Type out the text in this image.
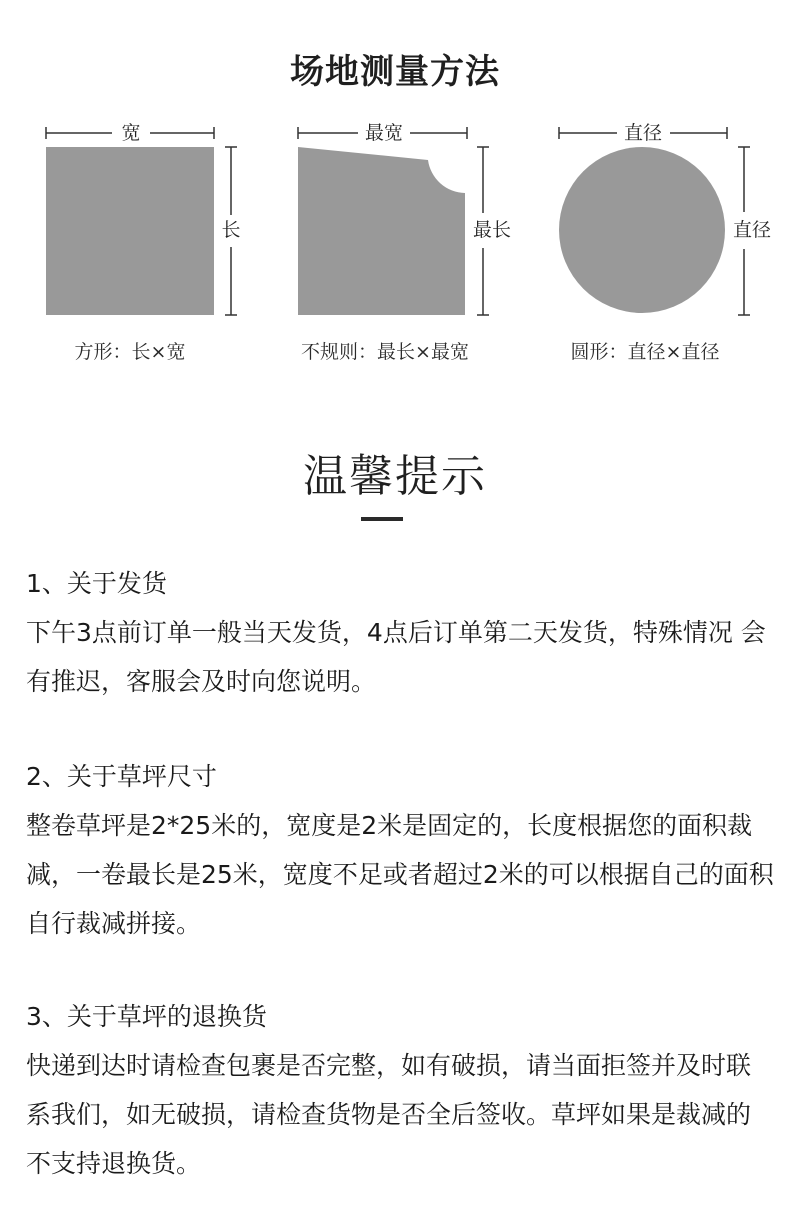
场地测量方法
宽
长
最宽
最长
直径
直径
方形：长×宽	不规则：最长×最宽	圆形：直径×直径
温馨提示
1、关于发货
下午3点前订单一般当天发货，4点后订单第二天发货，特殊情况 会有推迟，客服会及时向您说明。
2、关于草坪尺寸
整卷草坪是2*25米的，宽度是2米是固定的，长度根据您的面积裁减，一卷最长是25米，宽度不足或者超过2米的可以根据自己的面积自行裁减拼接。
3、关于草坪的退换货
快递到达时请检查包裹是否完整，如有破损，请当面拒签并及时联系我们，如无破损，请检查货物是否全后签收。草坪如果是裁减的不支持退换货。
